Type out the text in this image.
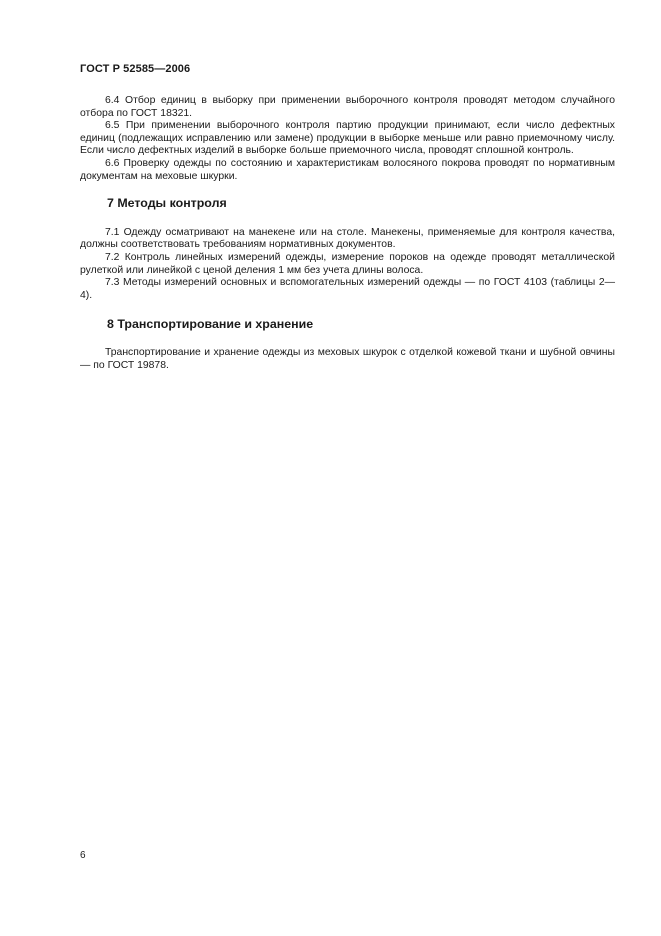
ГОСТ Р 52585—2006

6.4 Отбор единиц в выборку при применении выборочного контроля проводят методом случайного отбора по ГОСТ 18321.

6.5 При применении выборочного контроля партию продукции принимают, если число дефектных единиц (подлежащих исправлению или замене) продукции в выборке меньше или равно приемочному числу. Если число дефектных изделий в выборке больше приемочного числа, проводят сплошной контроль.

6.6 Проверку одежды по состоянию и характеристикам волосяного покрова проводят по нормативным документам на меховые шкурки.

7 Методы контроля

7.1 Одежду осматривают на манекене или на столе. Манекены, применяемые для контроля качества, должны соответствовать требованиям нормативных документов.

7.2 Контроль линейных измерений одежды, измерение пороков на одежде проводят металлической рулеткой или линейкой с ценой деления 1 мм без учета длины волоса.

7.3 Методы измерений основных и вспомогательных измерений одежды — по ГОСТ 4103 (таблицы 2—4).

8 Транспортирование и хранение

Транспортирование и хранение одежды из меховых шкурок с отделкой кожевой ткани и шубной овчины — по ГОСТ 19878.

6
